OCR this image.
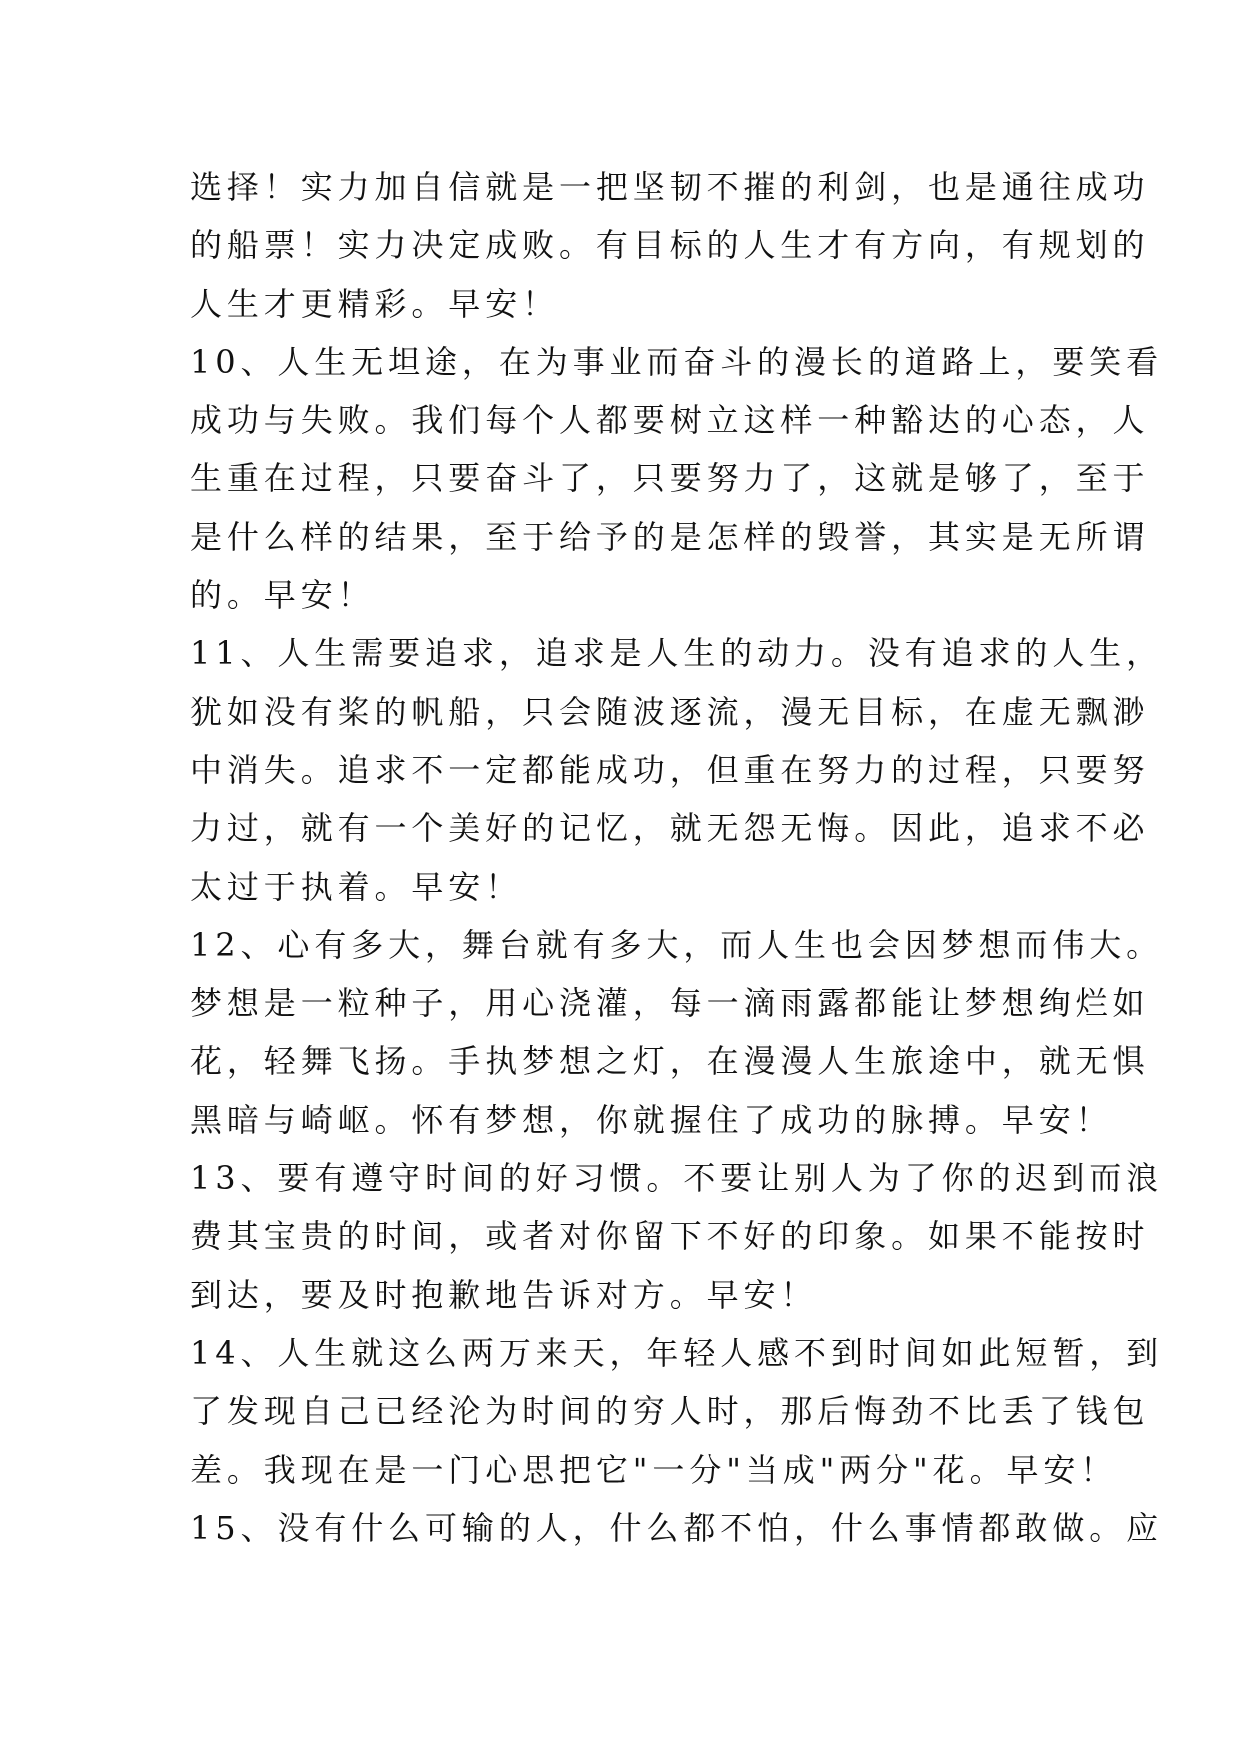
选择！实力加自信就是一把坚韧不摧的利剑，也是通往成功
的船票！实力决定成败。有目标的人生才有方向，有规划的
人生才更精彩。早安！
10、人生无坦途，在为事业而奋斗的漫长的道路上，要笑看
成功与失败。我们每个人都要树立这样一种豁达的心态，人
生重在过程，只要奋斗了，只要努力了，这就是够了，至于
是什么样的结果，至于给予的是怎样的毁誉，其实是无所谓
的。早安！
11、人生需要追求，追求是人生的动力。没有追求的人生，
犹如没有桨的帆船，只会随波逐流，漫无目标，在虚无飘渺
中消失。追求不一定都能成功，但重在努力的过程，只要努
力过，就有一个美好的记忆，就无怨无悔。因此，追求不必
太过于执着。早安！
12、心有多大，舞台就有多大，而人生也会因梦想而伟大。
梦想是一粒种子，用心浇灌，每一滴雨露都能让梦想绚烂如
花，轻舞飞扬。手执梦想之灯，在漫漫人生旅途中，就无惧
黑暗与崎岖。怀有梦想，你就握住了成功的脉搏。早安！
13、要有遵守时间的好习惯。不要让别人为了你的迟到而浪
费其宝贵的时间，或者对你留下不好的印象。如果不能按时
到达，要及时抱歉地告诉对方。早安！
14、人生就这么两万来天，年轻人感不到时间如此短暂，到
了发现自己已经沦为时间的穷人时，那后悔劲不比丢了钱包
差。我现在是一门心思把它"一分"当成"两分"花。早安！
15、没有什么可输的人，什么都不怕，什么事情都敢做。应
